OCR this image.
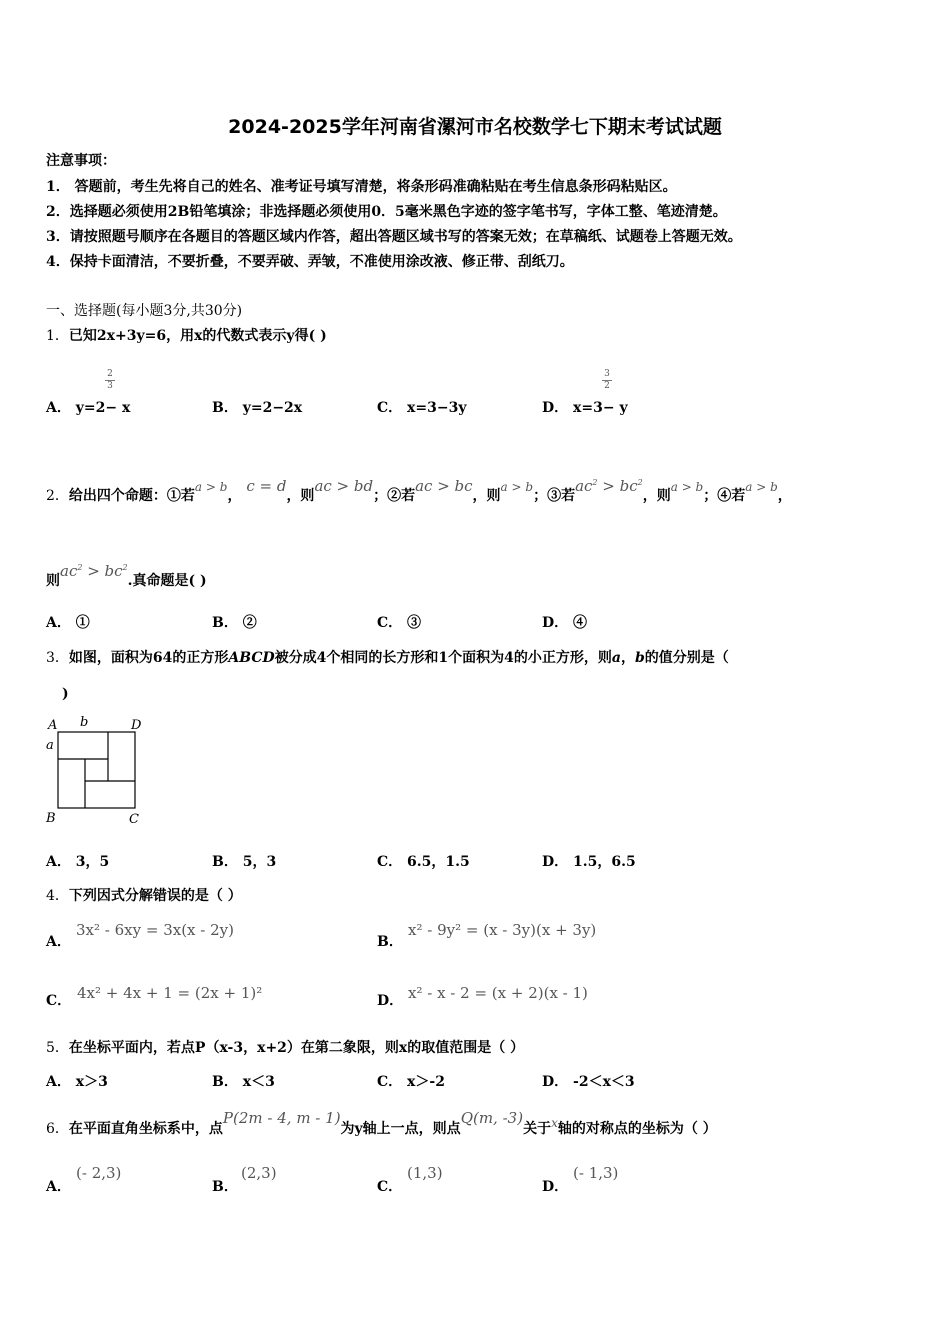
2024-2025学年河南省漯河市名校数学七下期末考试试题
注意事项：
1． 答题前，考生先将自己的姓名、准考证号填写清楚，将条形码准确粘贴在考生信息条形码粘贴区。
2．选择题必须使用2B铅笔填涂；非选择题必须使用0．5毫米黑色字迹的签字笔书写，字体工整、笔迹清楚。
3．请按照题号顺序在各题目的答题区域内作答，超出答题区域书写的答案无效；在草稿纸、试题卷上答题无效。
4．保持卡面清洁，不要折叠，不要弄破、弄皱，不准使用涂改液、修正带、刮纸刀。
一、选择题(每小题3分,共30分)
1．已知2x+3y=6，用x的代数式表示y得( )
2
3
3
2
A． y=2− x	B． y=2−2x	C． x=3−3y	D． x=3− y
2．给出四个命题：①若a > b， c = d，则ac > bd；②若ac > bc，则a > b；③若$ac^2 > bc^2$，则a > b；④若a > b，
则$ac^2 > bc^2$.真命题是( )
A． ①	B． ②	C． ③	D． ④
3．如图，面积为64的正方形ABCD被分成4个相同的长方形和1个面积为4的小正方形，则a，b的值分别是（
)
A b	D
a
B	C
A． 3，5	B． 5，3	C． 6.5，1.5	D． 1.5，6.5
4．下列因式分解错误的是（ ）
A．
3x² - 6xy = 3x(x - 2y)
B．
x² - 9y² = (x - 3y)(x + 3y)
C． 4x² + 4x + 1 = (2x + 1)²	D． x² - x - 2 = (x + 2)(x - 1)
5．在坐标平面内，若点P（x-3，x+2）在第二象限，则x的取值范围是（ ）
A． x＞3	B． x＜3	C． x＞-2	D． -2＜x＜3
6．在平面直角坐标系中，点P(2m - 4, m - 1)为y轴上一点，则点Q(m, -3)关于x轴的对称点的坐标为（ ）
A．
(- 2,3)
B．
(2,3)
C．
(1,3)
D．
(- 1,3)
